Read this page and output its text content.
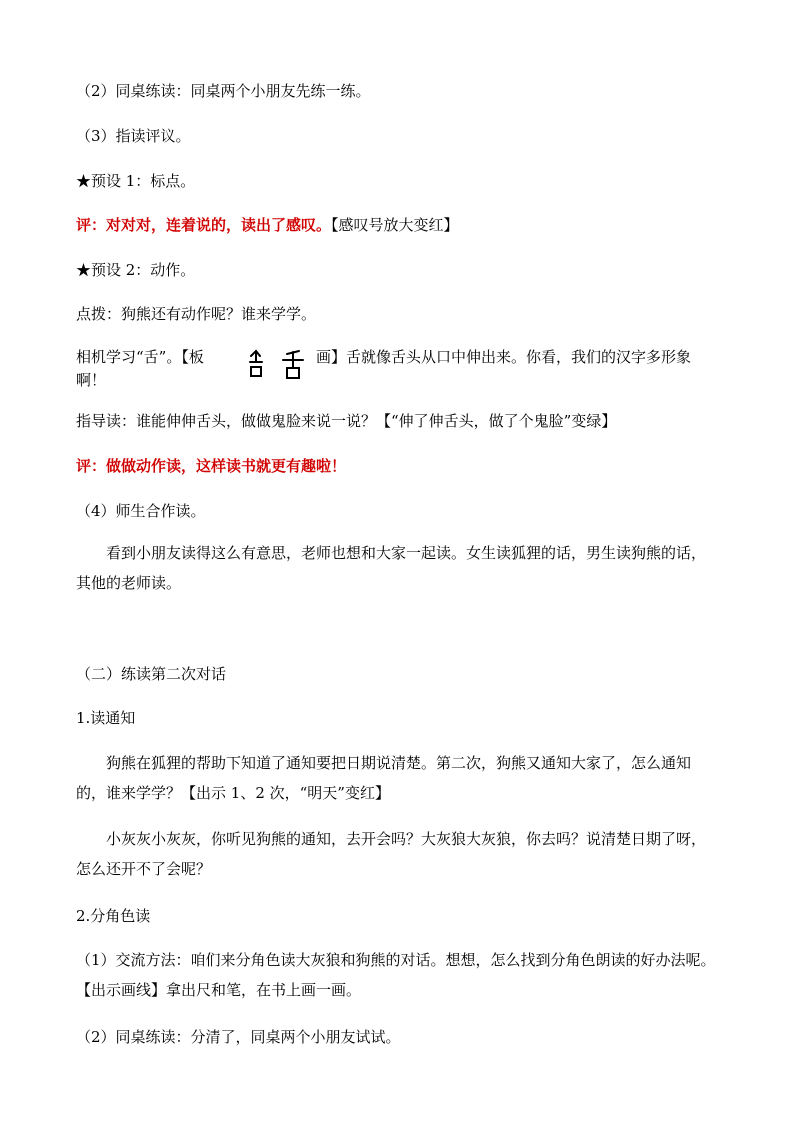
（2）同桌练读：同桌两个小朋友先练一练。
（3）指读评议。
★预设 1：标点。
评：对对对，连着说的，读出了感叹。【感叹号放大变红】
★预设 2：动作。
点拨：狗熊还有动作呢？谁来学学。
相机学习“舌”。【板	画】舌就像舌头从口中伸出来。你看，我们的汉字多形象
啊！
指导读：谁能伸伸舌头，做做鬼脸来说一说？【“伸了伸舌头，做了个鬼脸”变绿】
评：做做动作读，这样读书就更有趣啦！
（4）师生合作读。
看到小朋友读得这么有意思，老师也想和大家一起读。女生读狐狸的话，男生读狗熊的话，其他的老师读。
（二）练读第二次对话
1.读通知
狗熊在狐狸的帮助下知道了通知要把日期说清楚。第二次，狗熊又通知大家了，怎么通知的，谁来学学？【出示 1、2 次，“明天”变红】
小灰灰小灰灰，你听见狗熊的通知，去开会吗？大灰狼大灰狼，你去吗？说清楚日期了呀，怎么还开不了会呢？
2.分角色读
（1）交流方法：咱们来分角色读大灰狼和狗熊的对话。想想，怎么找到分角色朗读的好办法呢。【出示画线】拿出尺和笔，在书上画一画。
（2）同桌练读：分清了，同桌两个小朋友试试。
